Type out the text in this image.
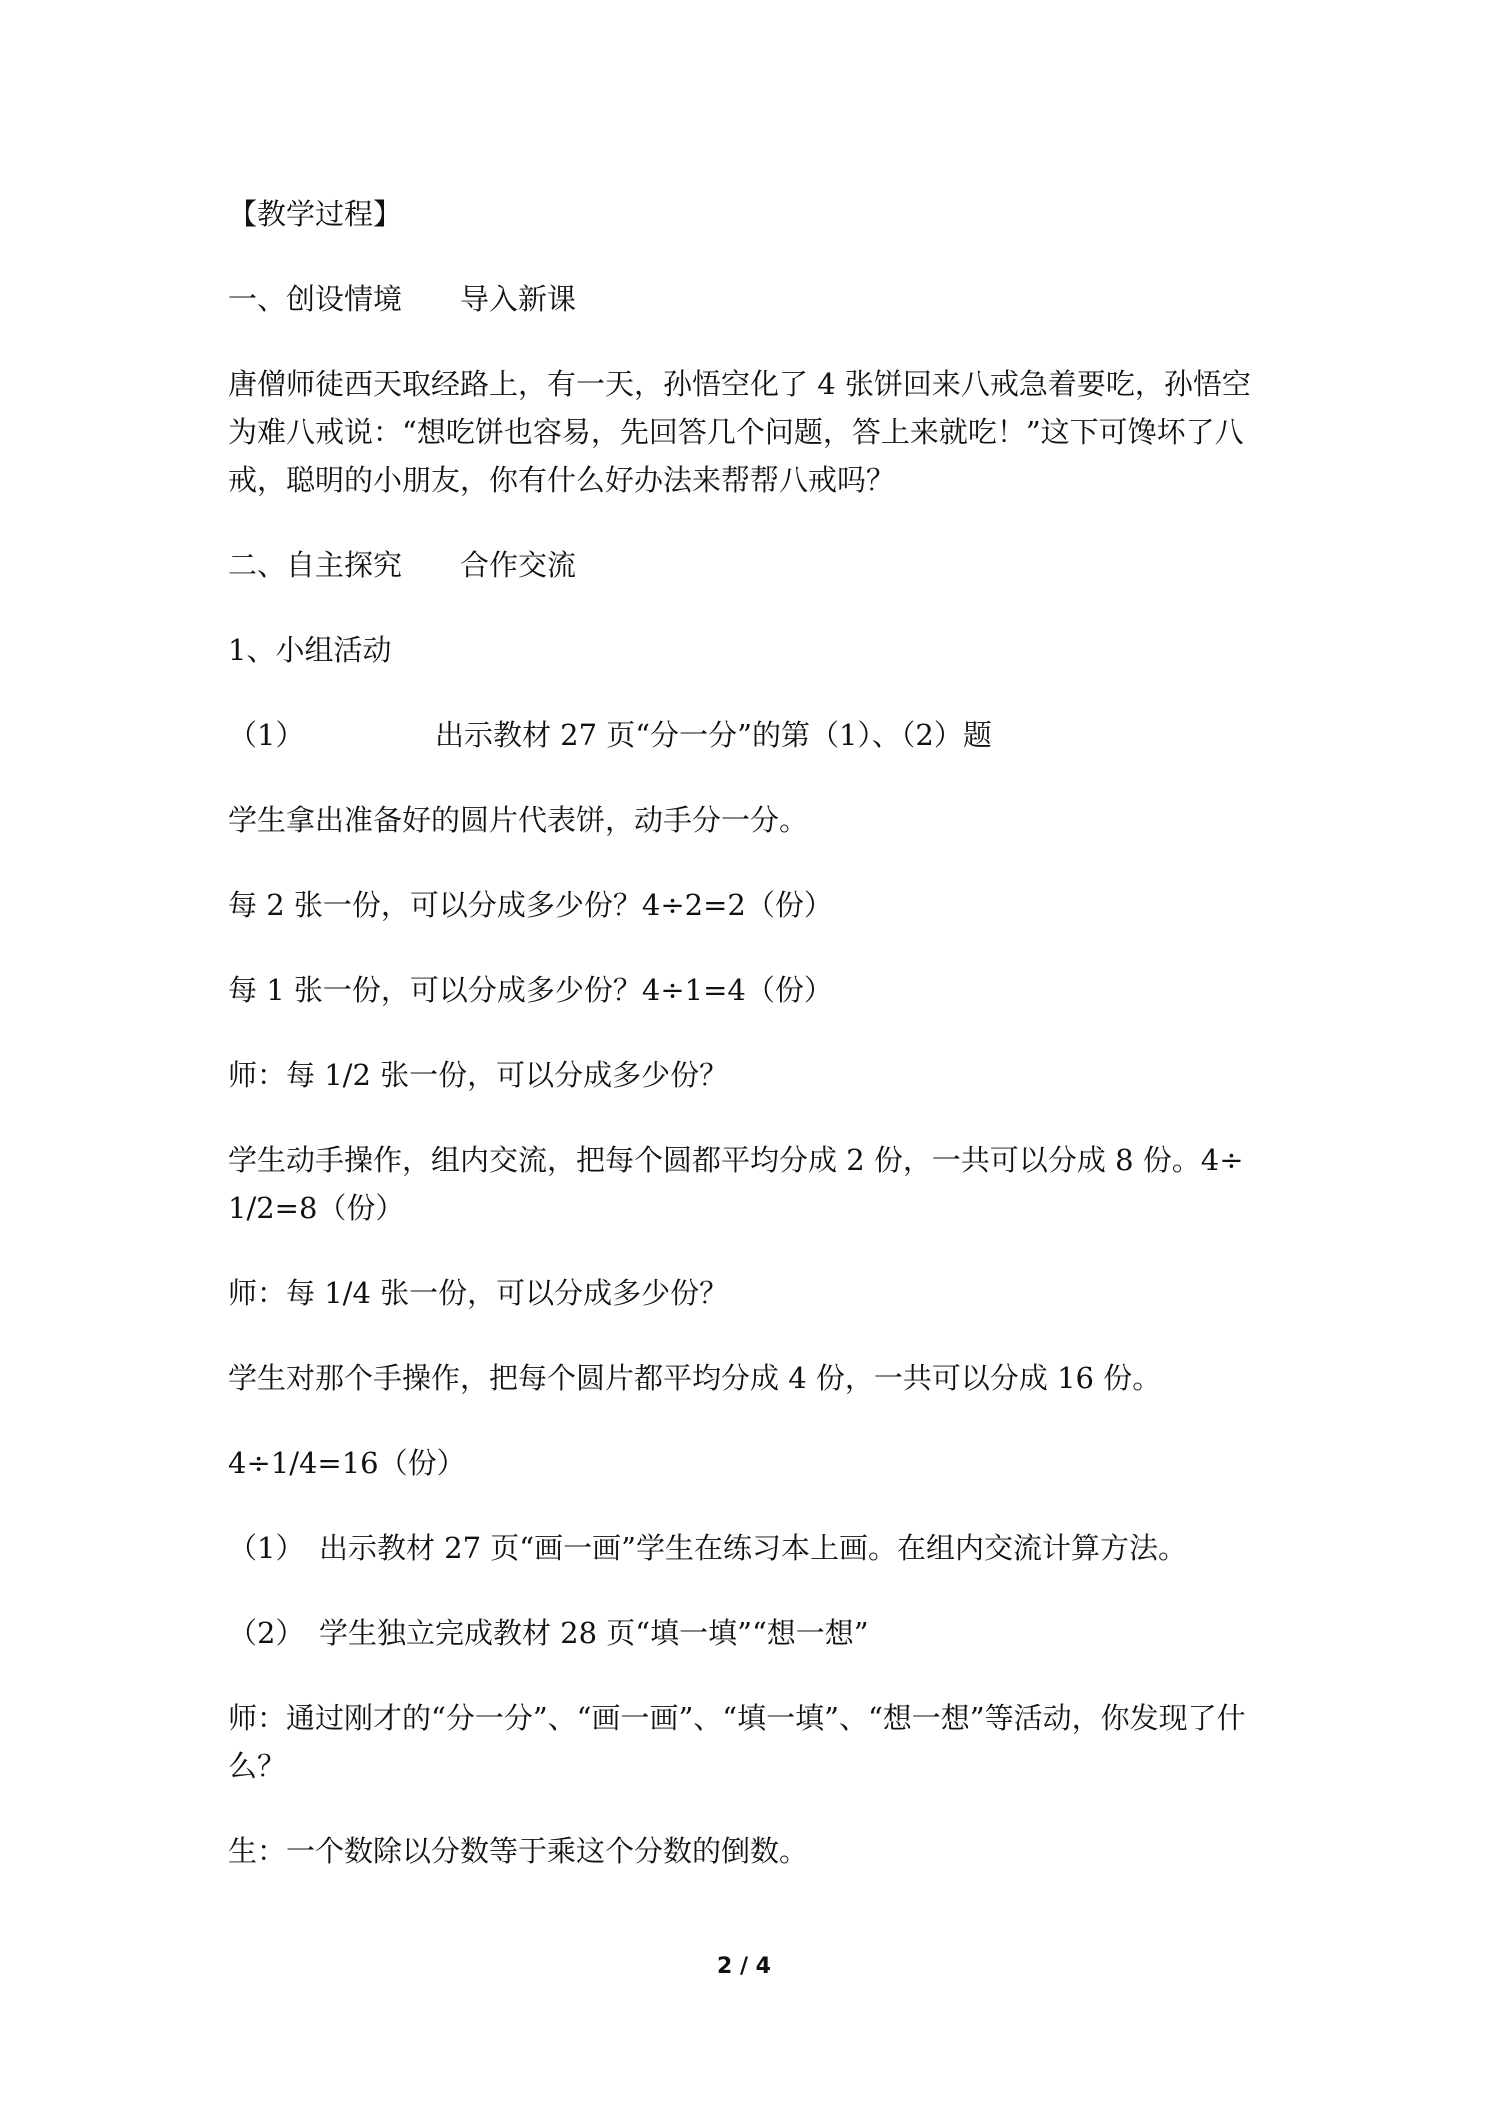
【教学过程】

一、创设情境　　导入新课

唐僧师徒西天取经路上，有一天，孙悟空化了 4 张饼回来八戒急着要吃，孙悟空为难八戒说：“想吃饼也容易，先回答几个问题，答上来就吃！”这下可馋坏了八戒，聪明的小朋友，你有什么好办法来帮帮八戒吗？

二、自主探究　　合作交流

1、小组活动

（1）　　　　　出示教材 27 页“分一分”的第（1）、（2）题

学生拿出准备好的圆片代表饼，动手分一分。

每 2 张一份，可以分成多少份？4÷2=2（份）

每 1 张一份，可以分成多少份？4÷1=4（份）

师：每 1/2 张一份，可以分成多少份？

学生动手操作，组内交流，把每个圆都平均分成 2 份，一共可以分成 8 份。4÷1/2=8（份）

师：每 1/4 张一份，可以分成多少份？

学生对那个手操作，把每个圆片都平均分成 4 份，一共可以分成 16 份。

4÷1/4=16（份）

（1）　出示教材 27 页“画一画”学生在练习本上画。在组内交流计算方法。

（2）　学生独立完成教材 28 页“填一填”“想一想”

师：通过刚才的“分一分”、“画一画”、“填一填”、“想一想”等活动，你发现了什么？

生：一个数除以分数等于乘这个分数的倒数。

2 / 4
